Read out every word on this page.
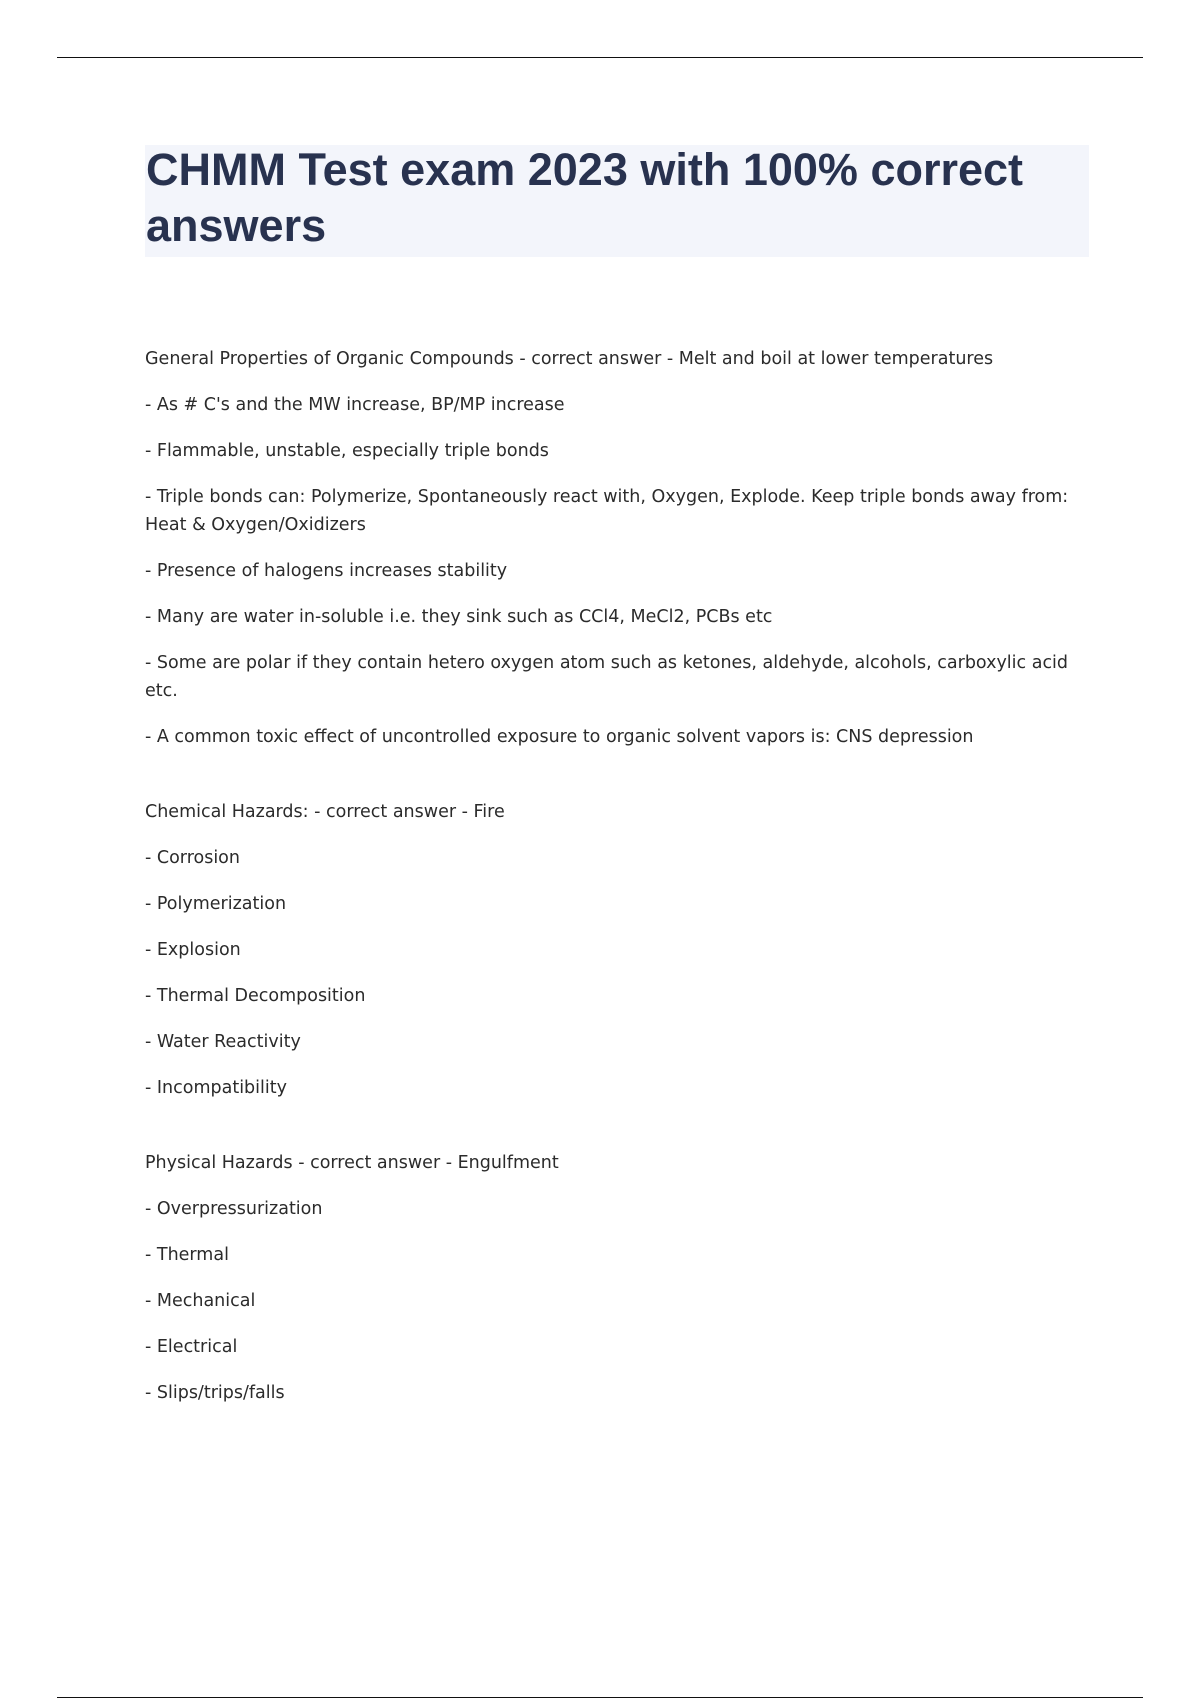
CHMM Test exam 2023 with 100% correct answers

General Properties of Organic Compounds - correct answer - Melt and boil at lower temperatures

- As # C's and the MW increase, BP/MP increase

- Flammable, unstable, especially triple bonds

- Triple bonds can: Polymerize, Spontaneously react with, Oxygen, Explode. Keep triple bonds away from: Heat & Oxygen/Oxidizers

- Presence of halogens increases stability

- Many are water in-soluble i.e. they sink such as CCl4, MeCl2, PCBs etc

- Some are polar if they contain hetero oxygen atom such as ketones, aldehyde, alcohols, carboxylic acid etc.

- A common toxic effect of uncontrolled exposure to organic solvent vapors is: CNS depression

Chemical Hazards: - correct answer - Fire

- Corrosion

- Polymerization

- Explosion

- Thermal Decomposition

- Water Reactivity

- Incompatibility

Physical Hazards - correct answer - Engulfment

- Overpressurization

- Thermal

- Mechanical

- Electrical

- Slips/trips/falls
